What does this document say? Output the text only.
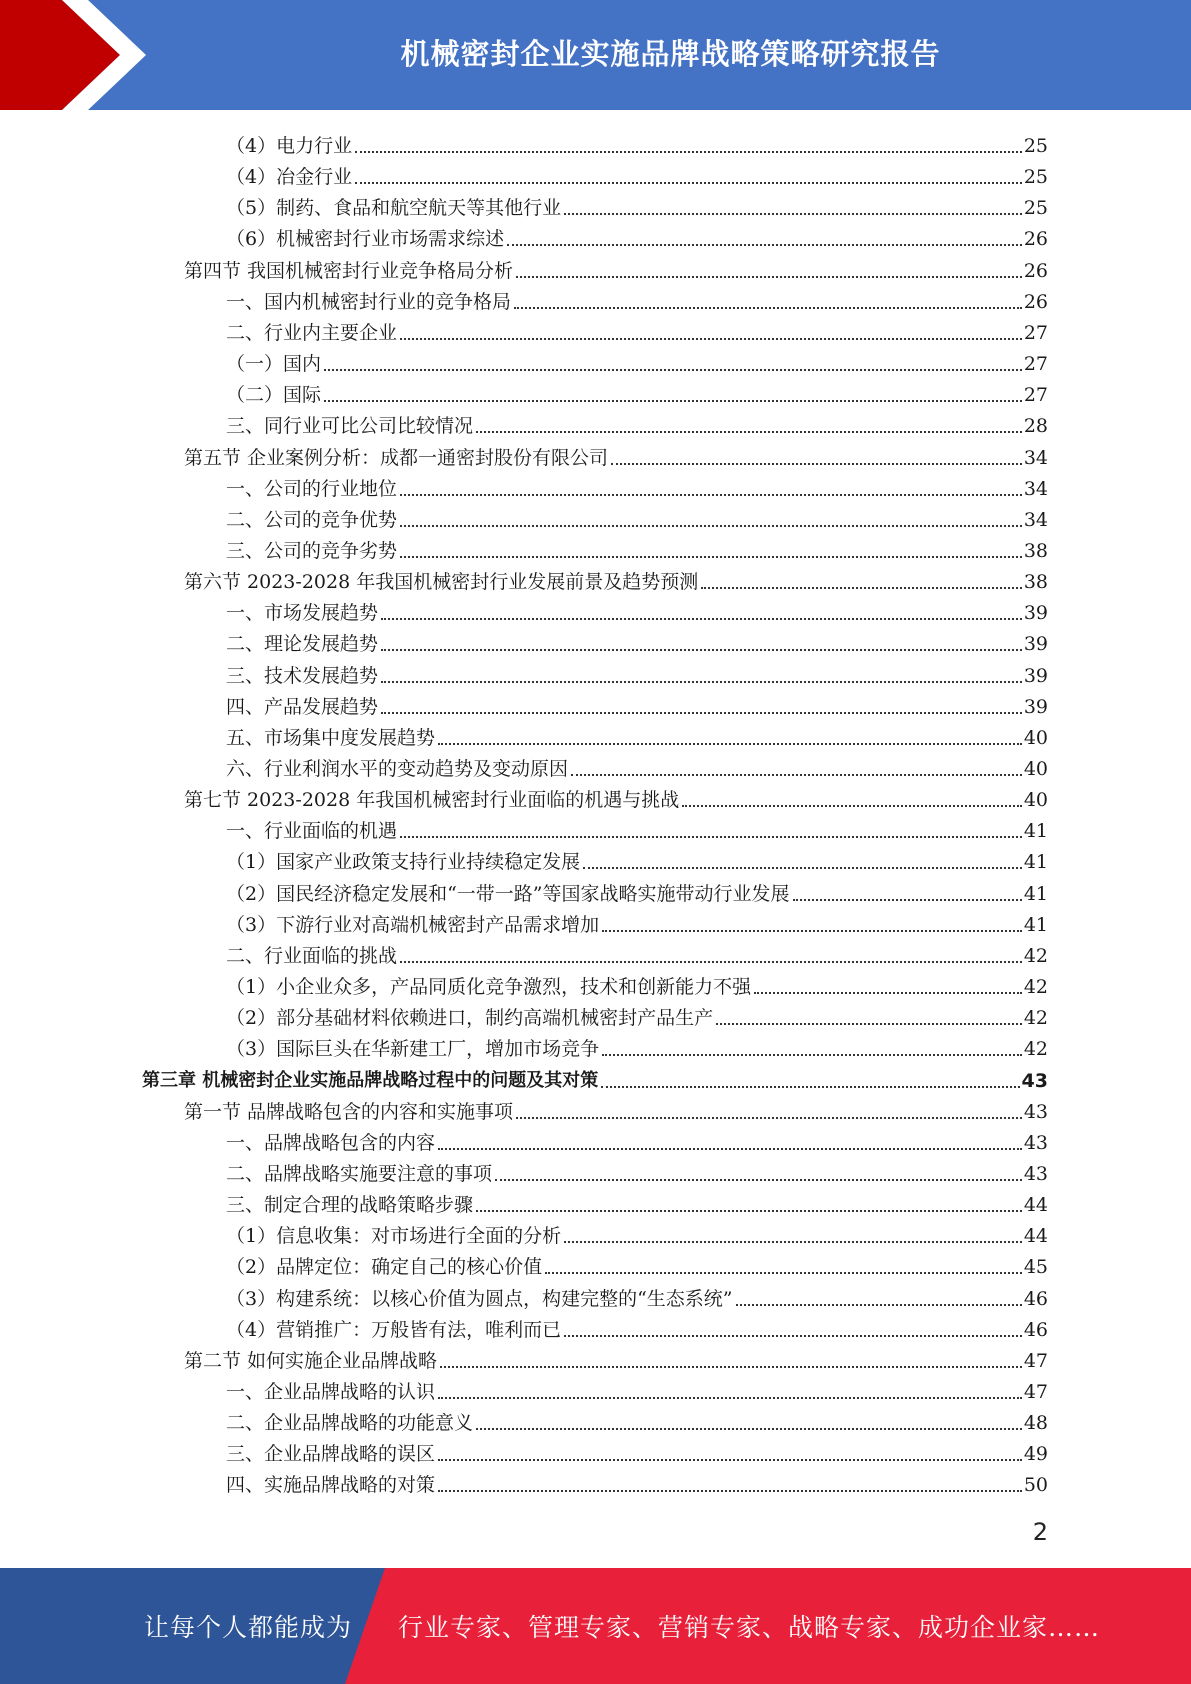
机械密封企业实施品牌战略策略研究报告
（4）电力行业	25
（4）冶金行业	25
（5）制药、食品和航空航天等其他行业	25
（6）机械密封行业市场需求综述	26
第四节 我国机械密封行业竞争格局分析	26
一、国内机械密封行业的竞争格局	26
二、行业内主要企业	27
（一）国内	27
（二）国际	27
三、同行业可比公司比较情况	28
第五节 企业案例分析：成都一通密封股份有限公司	34
一、公司的行业地位	34
二、公司的竞争优势	34
三、公司的竞争劣势	38
第六节 2023-2028 年我国机械密封行业发展前景及趋势预测	38
一、市场发展趋势	39
二、理论发展趋势	39
三、技术发展趋势	39
四、产品发展趋势	39
五、市场集中度发展趋势	40
六、行业利润水平的变动趋势及变动原因	40
第七节 2023-2028 年我国机械密封行业面临的机遇与挑战	40
一、行业面临的机遇	41
（1）国家产业政策支持行业持续稳定发展	41
（2）国民经济稳定发展和“一带一路”等国家战略实施带动行业发展	41
（3）下游行业对高端机械密封产品需求增加	41
二、行业面临的挑战	42
（1）小企业众多，产品同质化竞争激烈，技术和创新能力不强	42
（2）部分基础材料依赖进口，制约高端机械密封产品生产	42
（3）国际巨头在华新建工厂，增加市场竞争	42
第三章 机械密封企业实施品牌战略过程中的问题及其对策	43
第一节 品牌战略包含的内容和实施事项	43
一、品牌战略包含的内容	43
二、品牌战略实施要注意的事项	43
三、制定合理的战略策略步骤	44
（1）信息收集：对市场进行全面的分析	44
（2）品牌定位：确定自己的核心价值	45
（3）构建系统：以核心价值为圆点，构建完整的“生态系统”	46
（4）营销推广：万般皆有法，唯利而已	46
第二节 如何实施企业品牌战略	47
一、企业品牌战略的认识	47
二、企业品牌战略的功能意义	48
三、企业品牌战略的误区	49
四、实施品牌战略的对策	50
2
让每个人都能成为 行业专家、管理专家、营销专家、战略专家、成功企业家……
